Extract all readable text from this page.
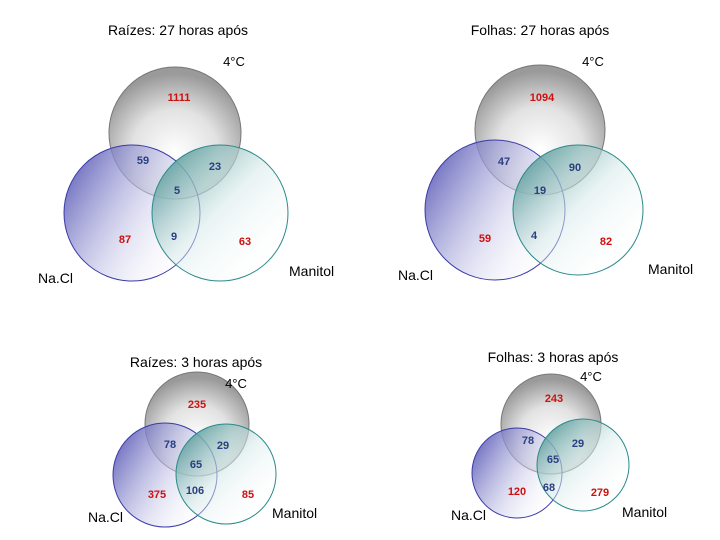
Raízes: 27 horas após
4°C
Na.Cl	Manitol
1111
59	23
5
87	9	63
Folhas: 27 horas após
4°C
Na.Cl	Manitol
1094
47	90
19
59	4	82
Raízes: 3 horas após
4°C
Na.Cl	Manitol
235
78	29
65
375 106	85
Folhas: 3 horas após
4°C
Na.Cl	Manitol
243
78	29
65
120 68	279
